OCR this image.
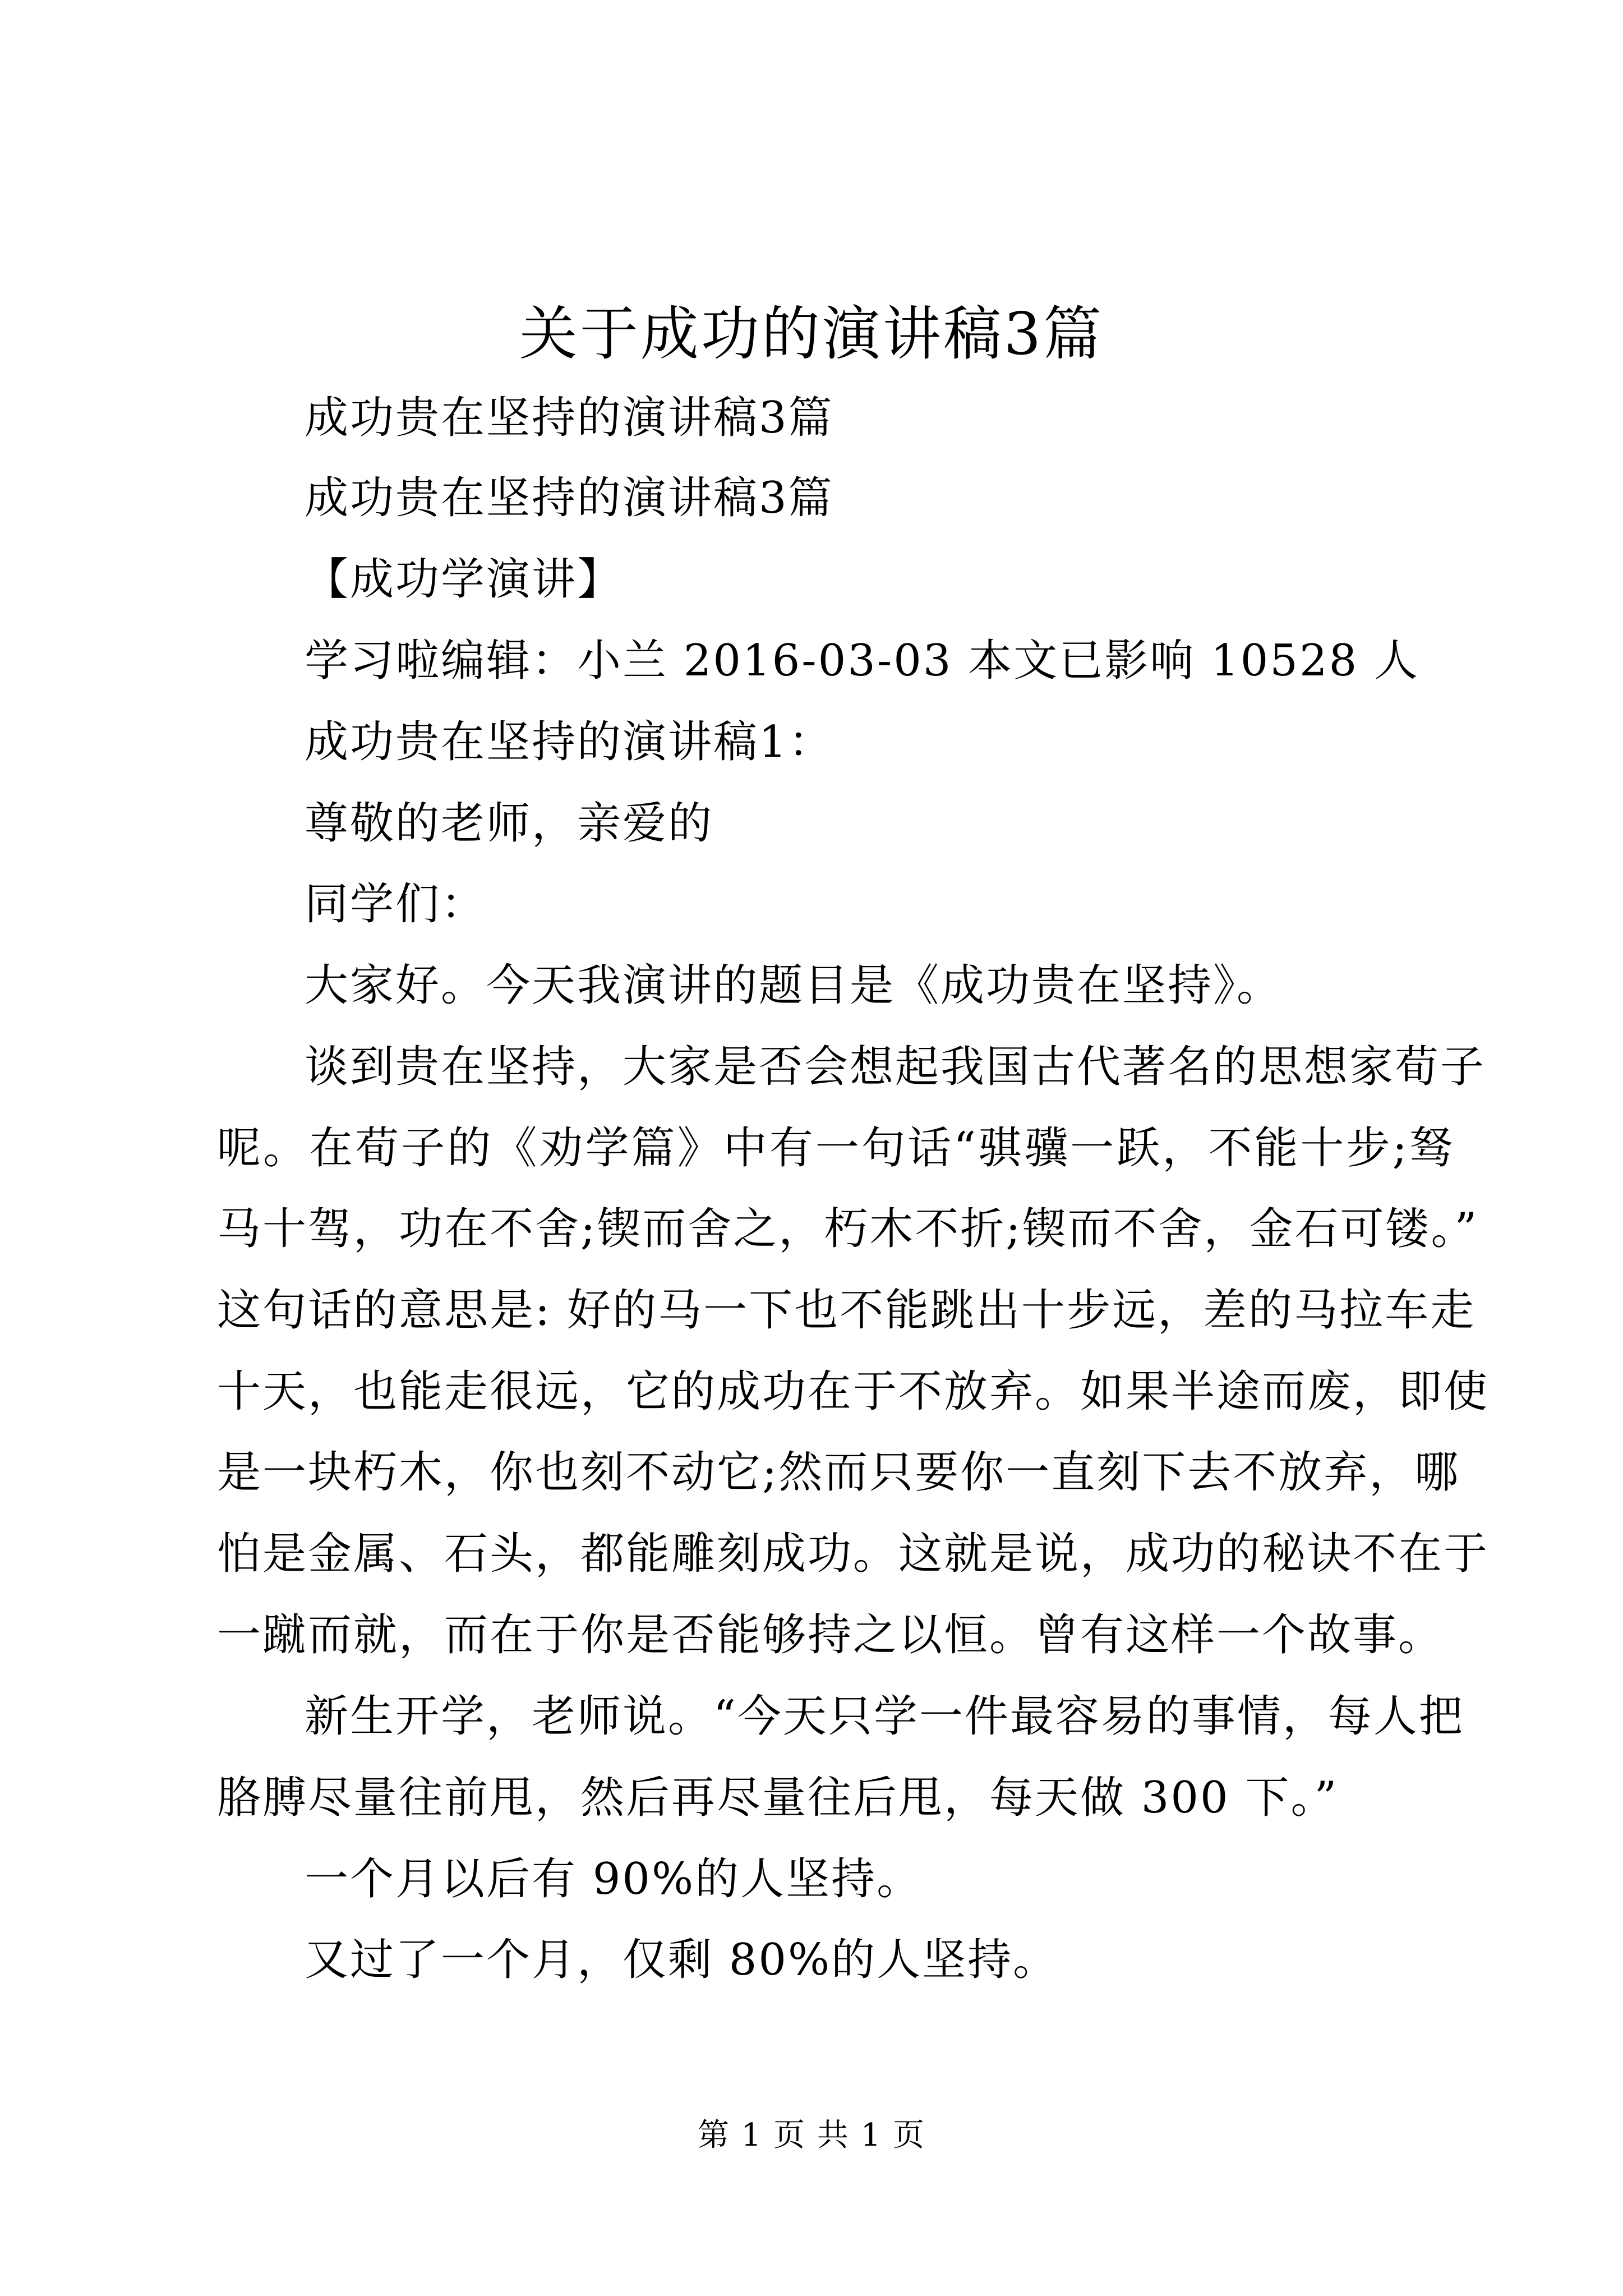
关于成功的演讲稿3篇
成功贵在坚持的演讲稿3篇
成功贵在坚持的演讲稿3篇
【成功学演讲】
学习啦编辑：小兰 2016-03-03 本文已影响 10528 人
成功贵在坚持的演讲稿1：
尊敬的老师，亲爱的
同学们：
大家好。今天我演讲的题目是《成功贵在坚持》。
谈到贵在坚持，大家是否会想起我国古代著名的思想家荀子
呢。在荀子的《劝学篇》中有一句话“骐骥一跃，不能十步;驽
马十驾，功在不舍;锲而舍之，朽木不折;锲而不舍，金石可镂。”
这句话的意思是: 好的马一下也不能跳出十步远，差的马拉车走
十天，也能走很远，它的成功在于不放弃。如果半途而废，即使
是一块朽木，你也刻不动它;然而只要你一直刻下去不放弃，哪
怕是金属、石头，都能雕刻成功。这就是说，成功的秘诀不在于
一蹴而就，而在于你是否能够持之以恒。曾有这样一个故事。
新生开学，老师说。“今天只学一件最容易的事情，每人把
胳膊尽量往前甩，然后再尽量往后甩，每天做 300 下。”
一个月以后有 90%的人坚持。
又过了一个月，仅剩 80%的人坚持。
第 1 页 共 1 页
